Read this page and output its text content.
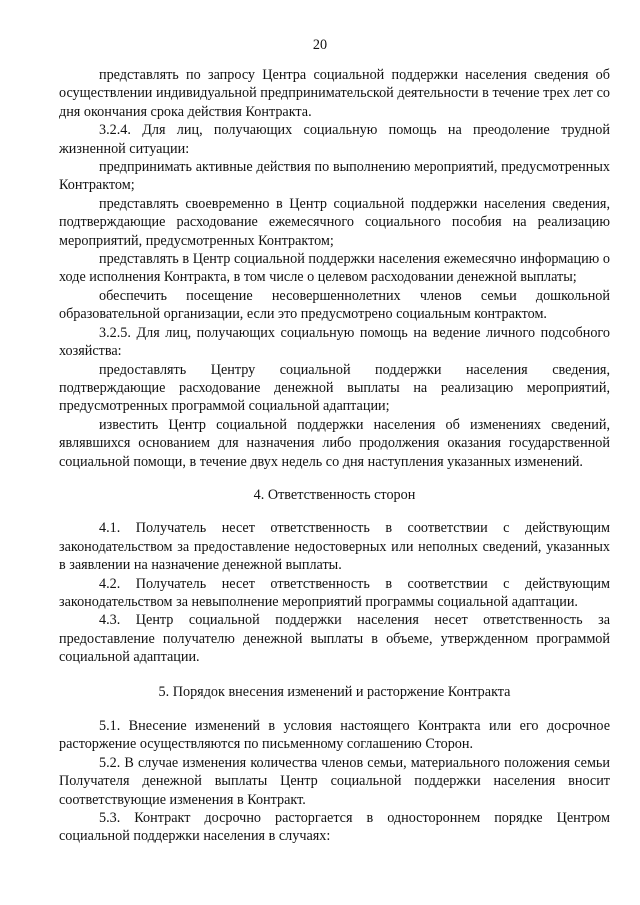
20

представлять по запросу Центра социальной поддержки населения сведения об осуществлении индивидуальной предпринимательской деятельности в течение трех лет со дня окончания срока действия Контракта.

3.2.4. Для лиц, получающих социальную помощь на преодоление трудной жизненной ситуации:

предпринимать активные действия по выполнению мероприятий, предусмотренных Контрактом;

представлять своевременно в Центр социальной поддержки населения сведения, подтверждающие расходование ежемесячного социального пособия на реализацию мероприятий, предусмотренных Контрактом;

представлять в Центр социальной поддержки населения ежемесячно информацию о ходе исполнения Контракта, в том числе о целевом расходовании денежной выплаты;

обеспечить посещение несовершеннолетних членов семьи дошкольной образовательной организации, если это предусмотрено социальным контрактом.

3.2.5. Для лиц, получающих социальную помощь на ведение личного подсобного хозяйства:

предоставлять Центру социальной поддержки населения сведения, подтверждающие расходование денежной выплаты на реализацию мероприятий, предусмотренных программой социальной адаптации;

известить Центр социальной поддержки населения об изменениях сведений, являвшихся основанием для назначения либо продолжения оказания государственной социальной помощи, в течение двух недель со дня наступления указанных изменений.

4. Ответственность сторон

4.1. Получатель несет ответственность в соответствии с действующим законодательством за предоставление недостоверных или неполных сведений, указанных в заявлении на назначение денежной выплаты.

4.2. Получатель несет ответственность в соответствии с действующим законодательством за невыполнение мероприятий программы социальной адаптации.

4.3. Центр социальной поддержки населения несет ответственность за предоставление получателю денежной выплаты в объеме, утвержденном программой социальной адаптации.

5. Порядок внесения изменений и расторжение Контракта

5.1. Внесение изменений в условия настоящего Контракта или его досрочное расторжение осуществляются по письменному соглашению Сторон.

5.2. В случае изменения количества членов семьи, материального положения семьи Получателя денежной выплаты Центр социальной поддержки населения вносит соответствующие изменения в Контракт.

5.3. Контракт досрочно расторгается в одностороннем порядке Центром социальной поддержки населения в случаях:
